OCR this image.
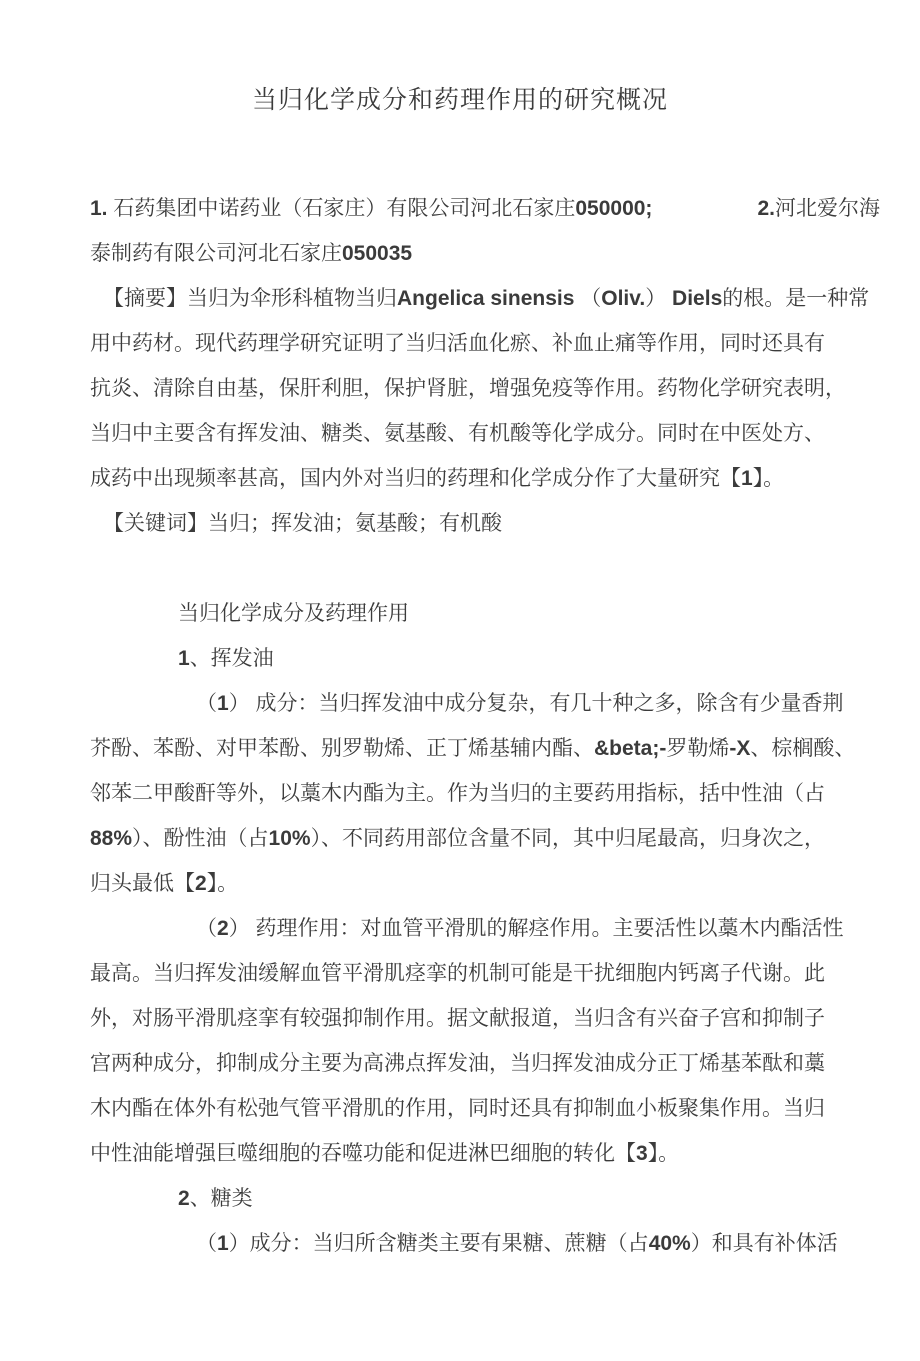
当归化学成分和药理作用的研究概况
1. 石药集团中诺药业（石家庄）有限公司河北石家庄050000;　　　　　	2.河北爱尔海
泰制药有限公司河北石家庄050035
【摘要】当归为伞形科植物当归Angelica sinensis （Oliv.） Diels的根。是一种常
用中药材。现代药理学研究证明了当归活血化瘀、补血止痛等作用，同时还具有
抗炎、清除自由基，保肝利胆，保护肾脏，增强免疫等作用。药物化学研究表明，
当归中主要含有挥发油、糖类、氨基酸、有机酸等化学成分。同时在中医处方、
成药中出现频率甚高，国内外对当归的药理和化学成分作了大量研究【1】。
【关键词】当归；挥发油；氨基酸；有机酸
当归化学成分及药理作用
1、挥发油
（1） 成分：当归挥发油中成分复杂，有几十种之多，除含有少量香荆
芥酚、苯酚、对甲苯酚、别罗勒烯、正丁烯基辅内酯、&beta;-罗勒烯-X、棕榈酸、
邻苯二甲酸酐等外，以藁木内酯为主。作为当归的主要药用指标，括中性油（占
88%）、酚性油（占10%）、不同药用部位含量不同，其中归尾最高，归身次之，
归头最低【2】。
（2） 药理作用：对血管平滑肌的解痉作用。主要活性以藁木内酯活性
最高。当归挥发油缓解血管平滑肌痉挛的机制可能是干扰细胞内钙离子代谢。此
外，对肠平滑肌痉挛有较强抑制作用。据文献报道，当归含有兴奋子宫和抑制子
宫两种成分，抑制成分主要为高沸点挥发油，当归挥发油成分正丁烯基苯酞和藁
木内酯在体外有松弛气管平滑肌的作用，同时还具有抑制血小板聚集作用。当归
中性油能增强巨噬细胞的吞噬功能和促进淋巴细胞的转化【3】。
2、糖类
（1）成分：当归所含糖类主要有果糖、蔗糖（占40%）和具有补体活
